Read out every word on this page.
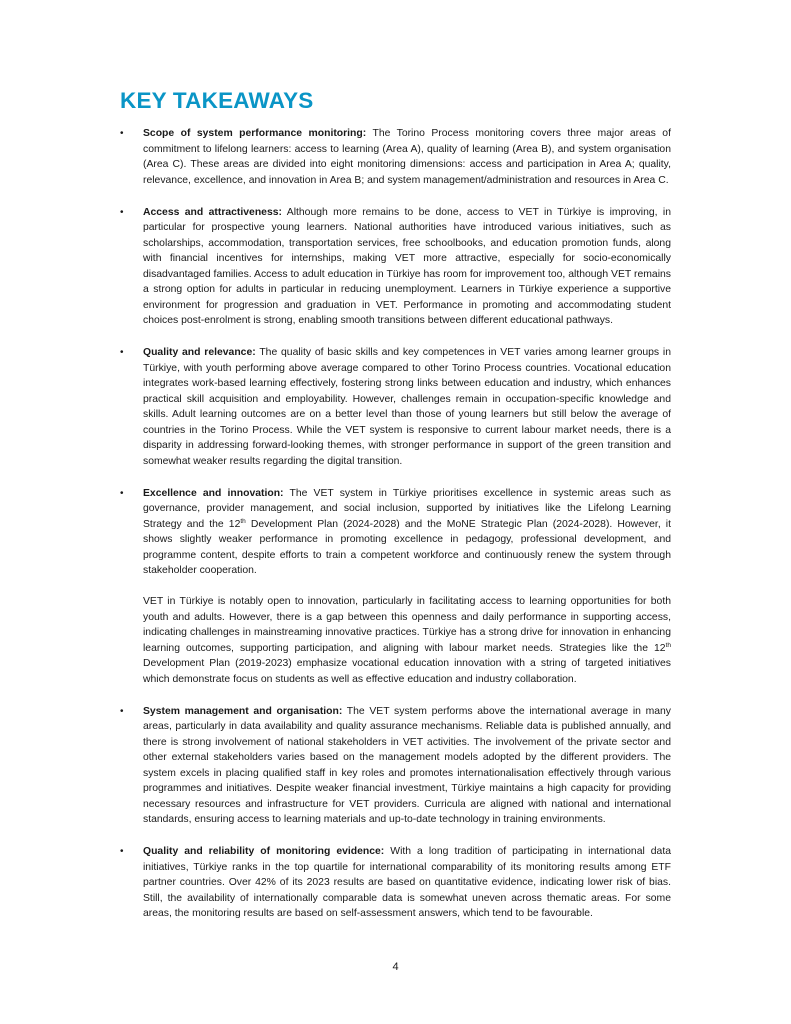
KEY TAKEAWAYS
• Scope of system performance monitoring: The Torino Process monitoring covers three major areas of commitment to lifelong learners: access to learning (Area A), quality of learning (Area B), and system organisation (Area C). These areas are divided into eight monitoring dimensions: access and participation in Area A; quality, relevance, excellence, and innovation in Area B; and system management/administration and resources in Area C.

• Access and attractiveness: Although more remains to be done, access to VET in Türkiye is improving, in particular for prospective young learners. National authorities have introduced various initiatives, such as scholarships, accommodation, transportation services, free schoolbooks, and education promotion funds, along with financial incentives for internships, making VET more attractive, especially for socio-economically disadvantaged families. Access to adult education in Türkiye has room for improvement too, although VET remains a strong option for adults in particular in reducing unemployment. Learners in Türkiye experience a supportive environment for progression and graduation in VET. Performance in promoting and accommodating student choices post-enrolment is strong, enabling smooth transitions between different educational pathways.

• Quality and relevance: The quality of basic skills and key competences in VET varies among learner groups in Türkiye, with youth performing above average compared to other Torino Process countries. Vocational education integrates work-based learning effectively, fostering strong links between education and industry, which enhances practical skill acquisition and employability. However, challenges remain in occupation-specific knowledge and skills. Adult learning outcomes are on a better level than those of young learners but still below the average of countries in the Torino Process. While the VET system is responsive to current labour market needs, there is a disparity in addressing forward-looking themes, with stronger performance in support of the green transition and somewhat weaker results regarding the digital transition.

• Excellence and innovation: The VET system in Türkiye prioritises excellence in systemic areas such as governance, provider management, and social inclusion, supported by initiatives like the Lifelong Learning Strategy and the 12th Development Plan (2024-2028) and the MoNE Strategic Plan (2024-2028). However, it shows slightly weaker performance in promoting excellence in pedagogy, professional development, and programme content, despite efforts to train a competent workforce and continuously renew the system through stakeholder cooperation.

VET in Türkiye is notably open to innovation, particularly in facilitating access to learning opportunities for both youth and adults. However, there is a gap between this openness and daily performance in supporting access, indicating challenges in mainstreaming innovative practices. Türkiye has a strong drive for innovation in enhancing learning outcomes, supporting participation, and aligning with labour market needs. Strategies like the 12th Development Plan (2019-2023) emphasize vocational education innovation with a string of targeted initiatives which demonstrate focus on students as well as effective education and industry collaboration.

• System management and organisation: The VET system performs above the international average in many areas, particularly in data availability and quality assurance mechanisms. Reliable data is published annually, and there is strong involvement of national stakeholders in VET activities. The involvement of the private sector and other external stakeholders varies based on the management models adopted by the different providers. The system excels in placing qualified staff in key roles and promotes internationalisation effectively through various programmes and initiatives. Despite weaker financial investment, Türkiye maintains a high capacity for providing necessary resources and infrastructure for VET providers. Curricula are aligned with national and international standards, ensuring access to learning materials and up-to-date technology in training environments.

• Quality and reliability of monitoring evidence: With a long tradition of participating in international data initiatives, Türkiye ranks in the top quartile for international comparability of its monitoring results among ETF partner countries. Over 42% of its 2023 results are based on quantitative evidence, indicating lower risk of bias. Still, the availability of internationally comparable data is somewhat uneven across thematic areas. For some areas, the monitoring results are based on self-assessment answers, which tend to be favourable.

4
